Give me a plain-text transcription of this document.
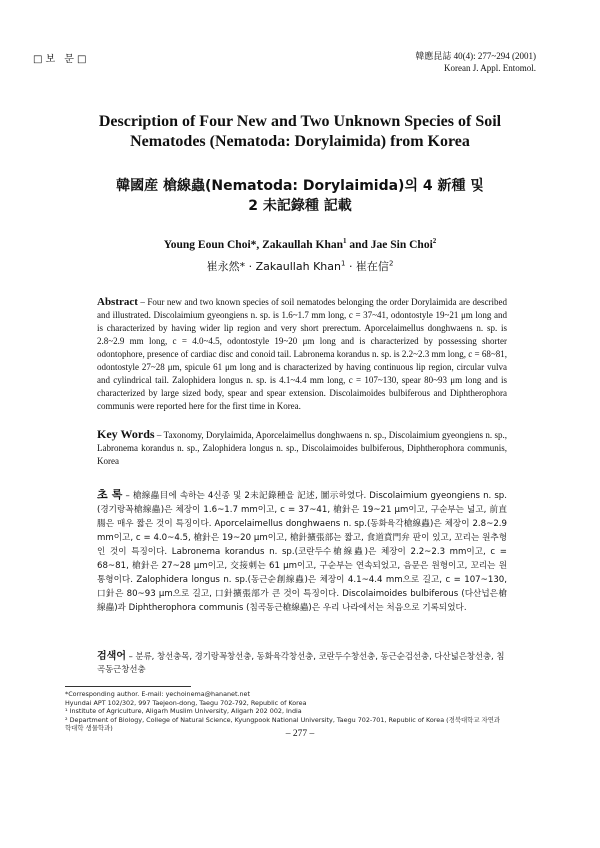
□보 문□	韓應昆誌 40(4): 277~294 (2001)
Korean J. Appl. Entomol.
Description of Four New and Two Unknown Species of Soil
Nematodes (Nematoda: Dorylaimida) from Korea
韓國産 槍線蟲(Nematoda: Dorylaimida)의 4 新種 및
2 未記錄種 記載
Young Eoun Choi*, Zakaullah Khan$^1$ and Jae Sin Choi$^2$
崔永然* · Zakaullah Khan$^1$ · 崔在信$^2$
Abstract – Four new and two known species of soil nematodes belonging the order Dorylaimida are described and illustrated. Discolaimium gyeongiens n. sp. is 1.6~1.7 mm long, c = 37~41, odontostyle 19~21 μm long and is characterized by having wider lip region and very short prerectum. Aporcelaimellus donghwaens n. sp. is 2.8~2.9 mm long, c = 4.0~4.5, odontostyle 19~20 μm long and is characterized by possessing shorter odontophore, presence of cardiac disc and conoid tail. Labronema korandus n. sp. is 2.2~2.3 mm long, c = 68~81, odontostyle 27~28 μm, spicule 61 μm long and is characterized by having continuous lip region, circular vulva and cylindrical tail. Zalophidera longus n. sp. is 4.1~4.4 mm long, c = 107~130, spear 80~93 μm long and is characterized by large sized body, spear and spear extension. Discolaimoides bulbiferous and Diphtherophora communis were reported here for the first time in Korea.
Key Words – Taxonomy, Dorylaimida, Aporcelaimellus donghwaens n. sp., Discolaimium gyeongiens n. sp., Labronema korandus n. sp., Zalophidera longus n. sp., Discolaimoides bulbiferous, Diphtherophora communis, Korea
초 록 – 槍線蟲目에 속하는 4신종 및 2未記錄種을 記述, 圖示하였다. Discolaimium gyeongiens n. sp.(경기랑꼭槍線蟲)은 체장이 1.6~1.7 mm이고, c = 37~41, 槍針은 19~21 μm이고, 구순부는 넓고, 前直腸은 매우 짧은 것이 특징이다. Aporcelaimellus donghwaens n. sp.(동화육각槍線蟲)은 체장이 2.8~2.9 mm이고, c = 4.0~4.5, 槍針은 19~20 μm이고, 槍針擴張部는 짧고, 食道賁門弁 판이 있고, 꼬리는 원추형인 것이 특징이다. Labronema korandus n. sp.(코란두수槍線蟲)은 체장이 2.2~2.3 mm이고, c = 68~81, 槍針은 27~28 μm이고, 交接刺는 61 μm이고, 구순부는 연속되었고, 음문은 원형이고, 꼬리는 원통형이다. Zalophidera longus n. sp.(동근순創線蟲)은 체장이 4.1~4.4 mm으로 길고, c = 107~130, 口針은 80~93 μm으로 길고, 口針擴張部가 큰 것이 특징이다. Discolaimoides bulbiferous (다산넙은槍線蟲)과 Diphtherophora communis (침곡동근槍線蟲)은 우리 나라에서는 처음으로 기록되었다.
검색어 – 분류, 창선충목, 경기랑꼭창선충, 동화육각창선충, 코란두수창선충, 동근순검선충, 다산넓은창선충, 침곡동근창선충
*Corresponding author. E-mail: yechoinema@hananet.net
Hyundai APT 102/302, 997 Taejeon-dong, Taegu 702-792, Republic of Korea
¹ Institute of Agriculture, Aligarh Muslim University, Aligarh 202 002, India
² Department of Biology, College of Natural Science, Kyungpook National University, Taegu 702-701, Republic of Korea (경북대학교 자연과학대학 생물학과)
– 277 –
